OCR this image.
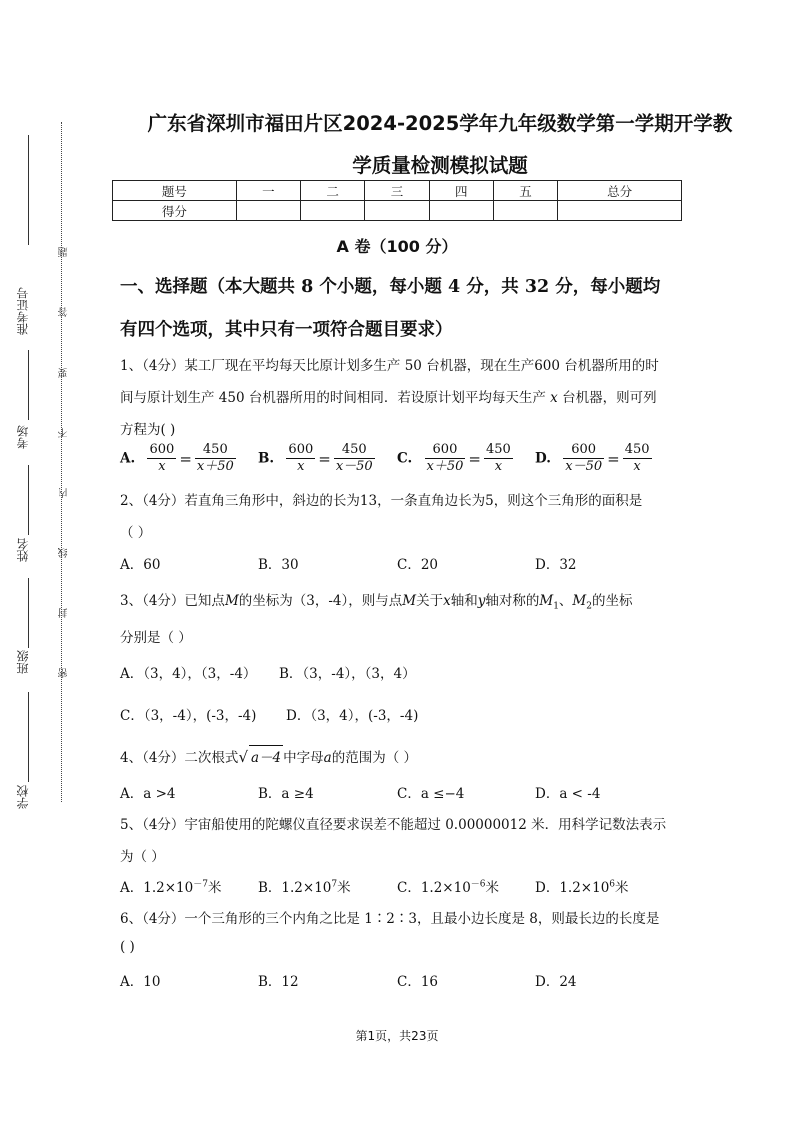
准考证号
考场
姓名
班级
学校
题
答
要
不
内
线
封
密
广东省深圳市福田片区2024-2025学年九年级数学第一学期开学教
学质量检测模拟试题
题号	一	二	三	四	五	总分
得分						
A 卷（100 分）
一、选择题（本大题共 8 个小题，每小题 4 分，共 32 分，每小题均
有四个选项，其中只有一项符合题目要求）
1、（4分）某工厂现在平均每天比原计划多生产 50 台机器，现在生产600 台机器所用的时
间与原计划生产 450 台机器所用的时间相同．若设原计划平均每天生产 x 台机器，则可列
方程为( )
A. $\frac{600}{x} = \frac{450}{x+50} B$. $\frac{600}{x} = \frac{450}{x-50} C$. $\frac{600}{x+50} = \frac{450}{x} D$. $\frac{600}{x-50} = \frac{450}{x}$
2、（4分）若直角三角形中，斜边的长为13，一条直角边长为5，则这个三角形的面积是
（ ）
A．60	B．30	C．20	D．32
3、（4分）已知点M的坐标为（3，-4），则与点M关于x轴和y轴对称的$M_1$、$M_2$的坐标
分别是（ ）
A．（3，4），（3，-4） B．（3，-4），（3，4）
C．（3，-4），(-3，-4) D．（3，4），(-3，-4)
4、（4分）二次根式√ a－4 中字母a的范围为（ ）
A．a >4	B．a ≥4	C．a ≤−4	D．a < -4
5、（4分）宇宙船使用的陀螺仪直径要求误差不能超过 0.00000012 米．用科学记数法表示
为（ ）
A．$1.2\times 10^{-7}$米	B．$1.2\times 10^7$米	C．$1.2\times 10^{-6}$米	D．$1.2\times 10^6$米
6、（4分）一个三角形的三个内角之比是 1∶2∶3，且最小边长度是 8，则最长边的长度是
( )
A．10	B．12	C．16	D．24
第1页，共23页
